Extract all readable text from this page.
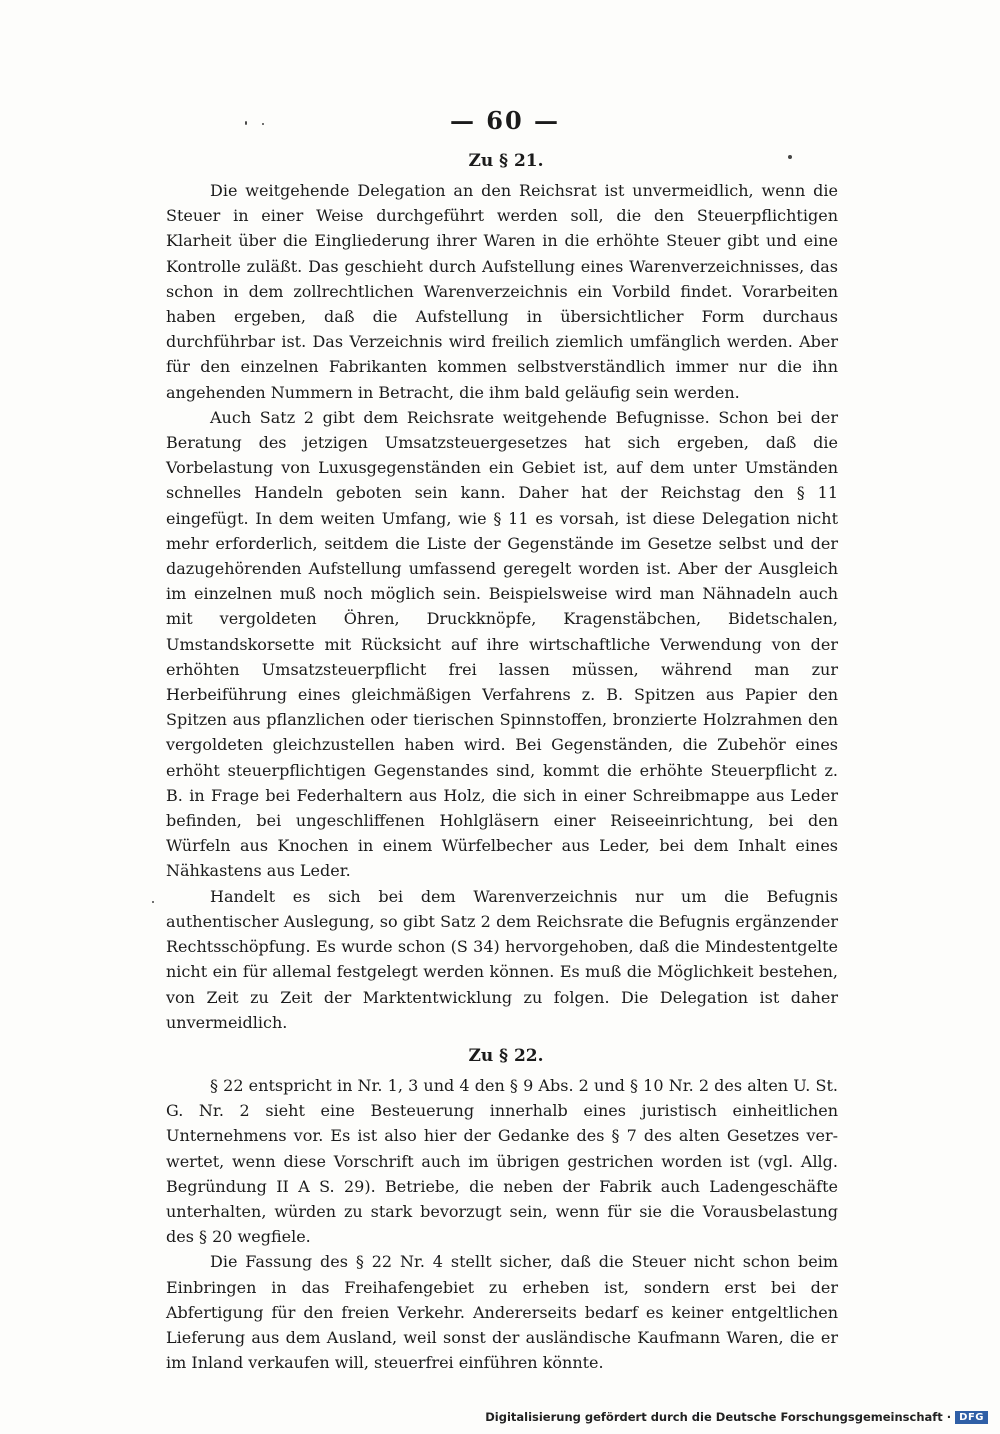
— 60 —
Zu § 21.

Die weitgehende Delegation an den Reichsrat ist unvermeidlich, wenn die Steuer in einer Weise durchgeführt werden soll, die den Steuerpflichtigen Klarheit über die Eingliederung ihrer Waren in die erhöhte Steuer gibt und eine Kontrolle zuläßt. Das geschieht durch Aufstellung eines Warenverzeichnisses, das schon in dem zollrechtlichen Warenverzeichnis ein Vorbild findet. Vorarbeiten haben ergeben, daß die Aufstellung in übersichtlicher Form durchaus durchführbar ist. Das Verzeichnis wird freilich ziemlich umfänglich werden. Aber für den einzelnen Fabrikanten kommen selbstverständlich immer nur die ihn angehenden Nummern in Betracht, die ihm bald geläufig sein werden.

Auch Satz 2 gibt dem Reichsrate weitgehende Befugnisse. Schon bei der Beratung des jetzigen Umsatzsteuergesetzes hat sich ergeben, daß die Vorbelastung von Luxusgegenständen ein Gebiet ist, auf dem unter Umständen schnelles Handeln geboten sein kann. Daher hat der Reichstag den § 11 eingefügt. In dem weiten Umfang, wie § 11 es vorsah, ist diese Delegation nicht mehr erforderlich, seitdem die Liste der Gegenstände im Gesetze selbst und der dazugehörenden Aufstellung umfassend geregelt worden ist. Aber der Ausgleich im einzelnen muß noch möglich sein. Beispielsweise wird man Nähnadeln auch mit vergoldeten Öhren, Druckknöpfe, Kragenstäbchen, Bidetschalen, Umstandskorsette mit Rücksicht auf ihre wirtschaftliche Verwendung von der erhöhten Umsatzsteuerpflicht frei lassen müssen, während man zur Herbeiführung eines gleichmäßigen Verfahrens z. B. Spitzen aus Papier den Spitzen aus pflanzlichen oder tierischen Spinnstoffen, bronzierte Holzrahmen den vergoldeten gleichzustellen haben wird. Bei Gegenständen, die Zubehör eines erhöht steuerpflichtigen Gegenstandes sind, kommt die erhöhte Steuerpflicht z. B. in Frage bei Federhaltern aus Holz, die sich in einer Schreibmappe aus Leder befinden, bei ungeschliffenen Hohlgläsern einer Reiseeinrichtung, bei den Würfeln aus Knochen in einem Würfelbecher aus Leder, bei dem Inhalt eines Nähkastens aus Leder.

Handelt es sich bei dem Warenverzeichnis nur um die Befugnis authentischer Auslegung, so gibt Satz 2 dem Reichsrate die Befugnis ergänzender Rechtsschöpfung. Es wurde schon (S 34) hervorgehoben, daß die Mindestentgelte nicht ein für allemal festgelegt werden können. Es muß die Möglichkeit bestehen, von Zeit zu Zeit der Marktentwicklung zu folgen. Die Delegation ist daher unvermeidlich.

Zu § 22.

§ 22 entspricht in Nr. 1, 3 und 4 den § 9 Abs. 2 und § 10 Nr. 2 des alten U. St. G. Nr. 2 sieht eine Besteuerung innerhalb eines juristisch einheitlichen Unternehmens vor. Es ist also hier der Gedanke des § 7 des alten Gesetzes verwertet, wenn diese Vorschrift auch im übrigen gestrichen worden ist (vgl. Allg. Begründung II A S. 29). Betriebe, die neben der Fabrik auch Ladengeschäfte unterhalten, würden zu stark bevorzugt sein, wenn für sie die Vorausbelastung des § 20 wegfiele.

Die Fassung des § 22 Nr. 4 stellt sicher, daß die Steuer nicht schon beim Einbringen in das Freihafengebiet zu erheben ist, sondern erst bei der Abfertigung für den freien Verkehr. Andererseits bedarf es keiner entgeltlichen Lieferung aus dem Ausland, weil sonst der ausländische Kaufmann Waren, die er im Inland verkaufen will, steuerfrei einführen könnte.

Digitalisierung gefördert durch die Deutsche Forschungsgemeinschaft · DFG
